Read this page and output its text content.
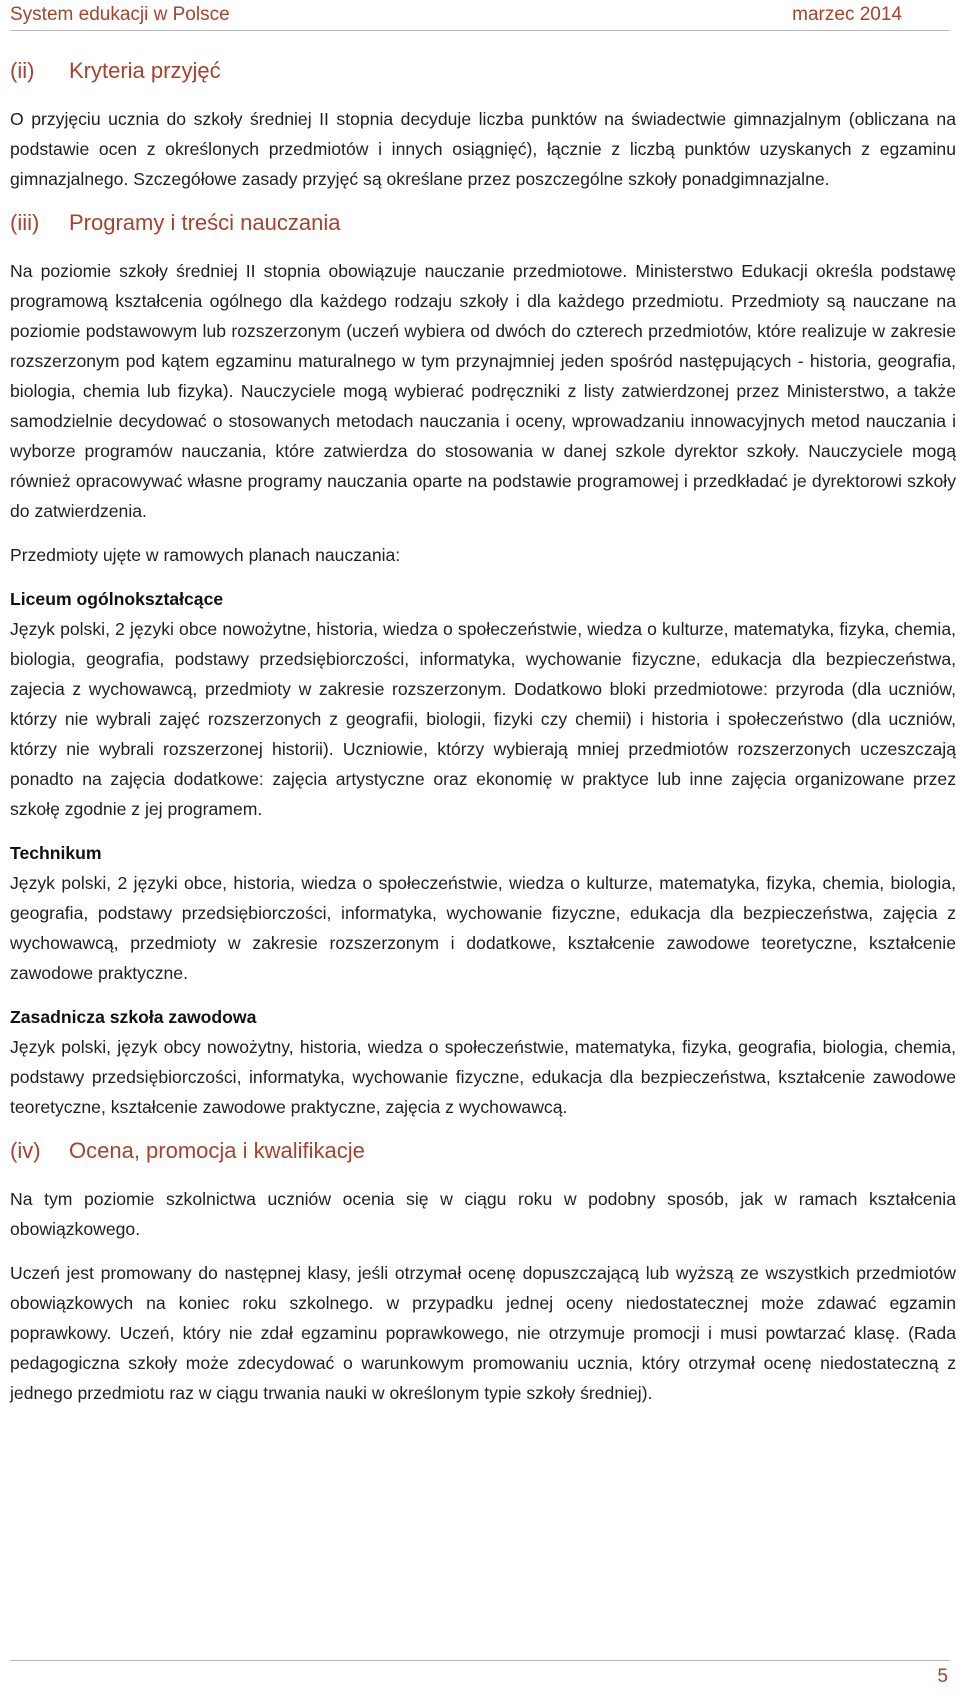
System edukacji w Polsce	marzec 2014
(ii)	Kryteria przyjęć

O przyjęciu ucznia do szkoły średniej II stopnia decyduje liczba punktów na świadectwie gimnazjalnym (obliczana na podstawie ocen z określonych przedmiotów i innych osiągnięć), łącznie z liczbą punktów uzyskanych z egzaminu gimnazjalnego. Szczegółowe zasady przyjęć są określane przez poszczególne szkoły ponadgimnazjalne.

(iii)	Programy i treści nauczania

Na poziomie szkoły średniej II stopnia obowiązuje nauczanie przedmiotowe. Ministerstwo Edukacji określa podstawę programową kształcenia ogólnego dla każdego rodzaju szkoły i dla każdego przedmiotu. Przedmioty są nauczane na poziomie podstawowym lub rozszerzonym (uczeń wybiera od dwóch do czterech przedmiotów, które realizuje w zakresie rozszerzonym pod kątem egzaminu maturalnego w tym przynajmniej jeden spośród następujących - historia, geografia, biologia, chemia lub fizyka). Nauczyciele mogą wybierać podręczniki z listy zatwierdzonej przez Ministerstwo, a także samodzielnie decydować o stosowanych metodach nauczania i oceny, wprowadzaniu innowacyjnych metod nauczania i wyborze programów nauczania, które zatwierdza do stosowania w danej szkole dyrektor szkoły. Nauczyciele mogą również opracowywać własne programy nauczania oparte na podstawie programowej i przedkładać je dyrektorowi szkoły do zatwierdzenia.

Przedmioty ujęte w ramowych planach nauczania:

Liceum ogólnokształcące

Język polski, 2 języki obce nowożytne, historia, wiedza o społeczeństwie, wiedza o kulturze, matematyka, fizyka, chemia, biologia, geografia, podstawy przedsiębiorczości, informatyka, wychowanie fizyczne, edukacja dla bezpieczeństwa, zajecia z wychowawcą, przedmioty w zakresie rozszerzonym. Dodatkowo bloki przedmiotowe: przyroda (dla uczniów, którzy nie wybrali zajęć rozszerzonych z geografii, biologii, fizyki czy chemii) i historia i społeczeństwo (dla uczniów, którzy nie wybrali rozszerzonej historii). Uczniowie, którzy wybierają mniej przedmiotów rozszerzonych uczeszczają ponadto na zajęcia dodatkowe: zajęcia artystyczne oraz ekonomię w praktyce lub inne zajęcia organizowane przez szkołę zgodnie z jej programem.

Technikum

Język polski, 2 języki obce, historia, wiedza o społeczeństwie, wiedza o kulturze, matematyka, fizyka, chemia, biologia, geografia, podstawy przedsiębiorczości, informatyka, wychowanie fizyczne, edukacja dla bezpieczeństwa, zajęcia z wychowawcą, przedmioty w zakresie rozszerzonym i dodatkowe, kształcenie zawodowe teoretyczne, kształcenie zawodowe praktyczne.

Zasadnicza szkoła zawodowa

Język polski, język obcy nowożytny, historia, wiedza o społeczeństwie, matematyka, fizyka, geografia, biologia, chemia, podstawy przedsiębiorczości, informatyka, wychowanie fizyczne, edukacja dla bezpieczeństwa, kształcenie zawodowe teoretyczne, kształcenie zawodowe praktyczne, zajęcia z wychowawcą.

(iv)	Ocena, promocja i kwalifikacje

Na tym poziomie szkolnictwa uczniów ocenia się w ciągu roku w podobny sposób, jak w ramach kształcenia obowiązkowego.

Uczeń jest promowany do następnej klasy, jeśli otrzymał ocenę dopuszczającą lub wyższą ze wszystkich przedmiotów obowiązkowych na koniec roku szkolnego. w przypadku jednej oceny niedostatecznej może zdawać egzamin poprawkowy. Uczeń, który nie zdał egzaminu poprawkowego, nie otrzymuje promocji i musi powtarzać klasę. (Rada pedagogiczna szkoły może zdecydować o warunkowym promowaniu ucznia, który otrzymał ocenę niedostateczną z jednego przedmiotu raz w ciągu trwania nauki w określonym typie szkoły średniej).

5
